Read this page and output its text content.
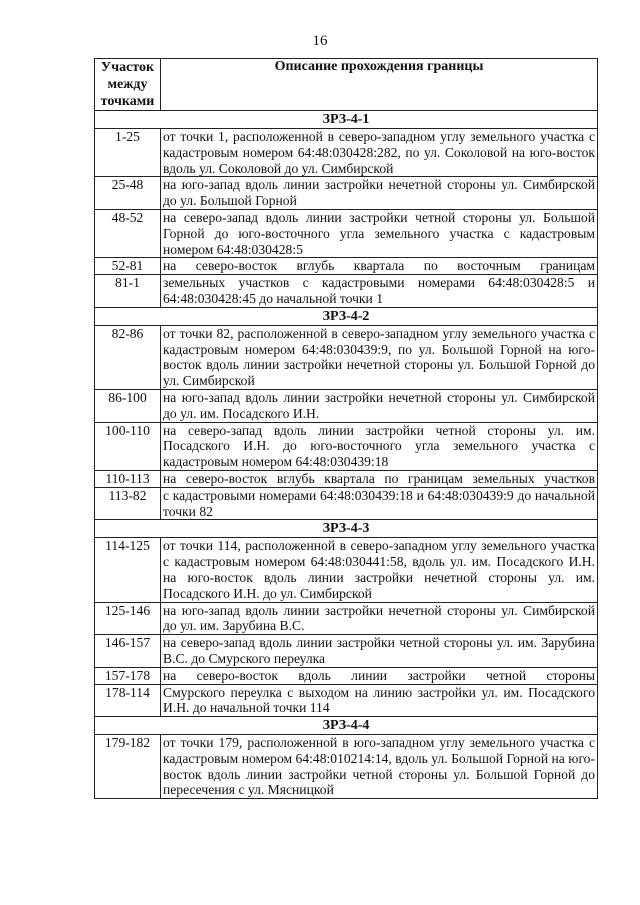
16
Участок между точками	Описание прохождения границы
ЗРЗ-4-1	
1-25	от точки 1, расположенной в северо-западном углу земельного участка с кадастровым номером 64:48:030428:282, по ул. Соколовой на юго-восток вдоль ул. Соколовой до ул. Симбирской
25-48	на юго-запад вдоль линии застройки нечетной стороны ул. Симбирской до ул. Большой Горной
48-52	на северо-запад вдоль линии застройки четной стороны ул. Большой Горной до юго-восточного угла земельного участка с кадастровым номером 64:48:030428:5
52-81	на северо-восток вглубь квартала по восточным границам
81-1	земельных участков с кадастровыми номерами 64:48:030428:5 и 64:48:030428:45 до начальной точки 1
ЗРЗ-4-2	
82-86	от точки 82, расположенной в северо-западном углу земельного участка с кадастровым номером 64:48:030439:9, по ул. Большой Горной на юго-восток вдоль линии застройки нечетной стороны ул. Большой Горной до ул. Симбирской
86-100	на юго-запад вдоль линии застройки нечетной стороны ул. Симбирской до ул. им. Посадского И.Н.
100-110	на северо-запад вдоль линии застройки четной стороны ул. им. Посадского И.Н. до юго-восточного угла земельного участка с кадастровым номером 64:48:030439:18
110-113	на северо-восток вглубь квартала по границам земельных участков
113-82	с кадастровыми номерами 64:48:030439:18 и 64:48:030439:9 до начальной точки 82
ЗРЗ-4-3	
114-125	от точки 114, расположенной в северо-западном углу земельного участка с кадастровым номером 64:48:030441:58, вдоль ул. им. Посадского И.Н. на юго-восток вдоль линии застройки нечетной стороны ул. им. Посадского И.Н. до ул. Симбирской
125-146	на юго-запад вдоль линии застройки нечетной стороны ул. Симбирской до ул. им. Зарубина В.С.
146-157	на северо-запад вдоль линии застройки четной стороны ул. им. Зарубина В.С. до Смурского переулка
157-178	на северо-восток вдоль линии застройки четной стороны
178-114	Смурского переулка с выходом на линию застройки ул. им. Посадского И.Н. до начальной точки 114
ЗРЗ-4-4	
179-182	от точки 179, расположенной в юго-западном углу земельного участка с кадастровым номером 64:48:010214:14, вдоль ул. Большой Горной на юго-восток вдоль линии застройки четной стороны ул. Большой Горной до пересечения с ул. Мясницкой
